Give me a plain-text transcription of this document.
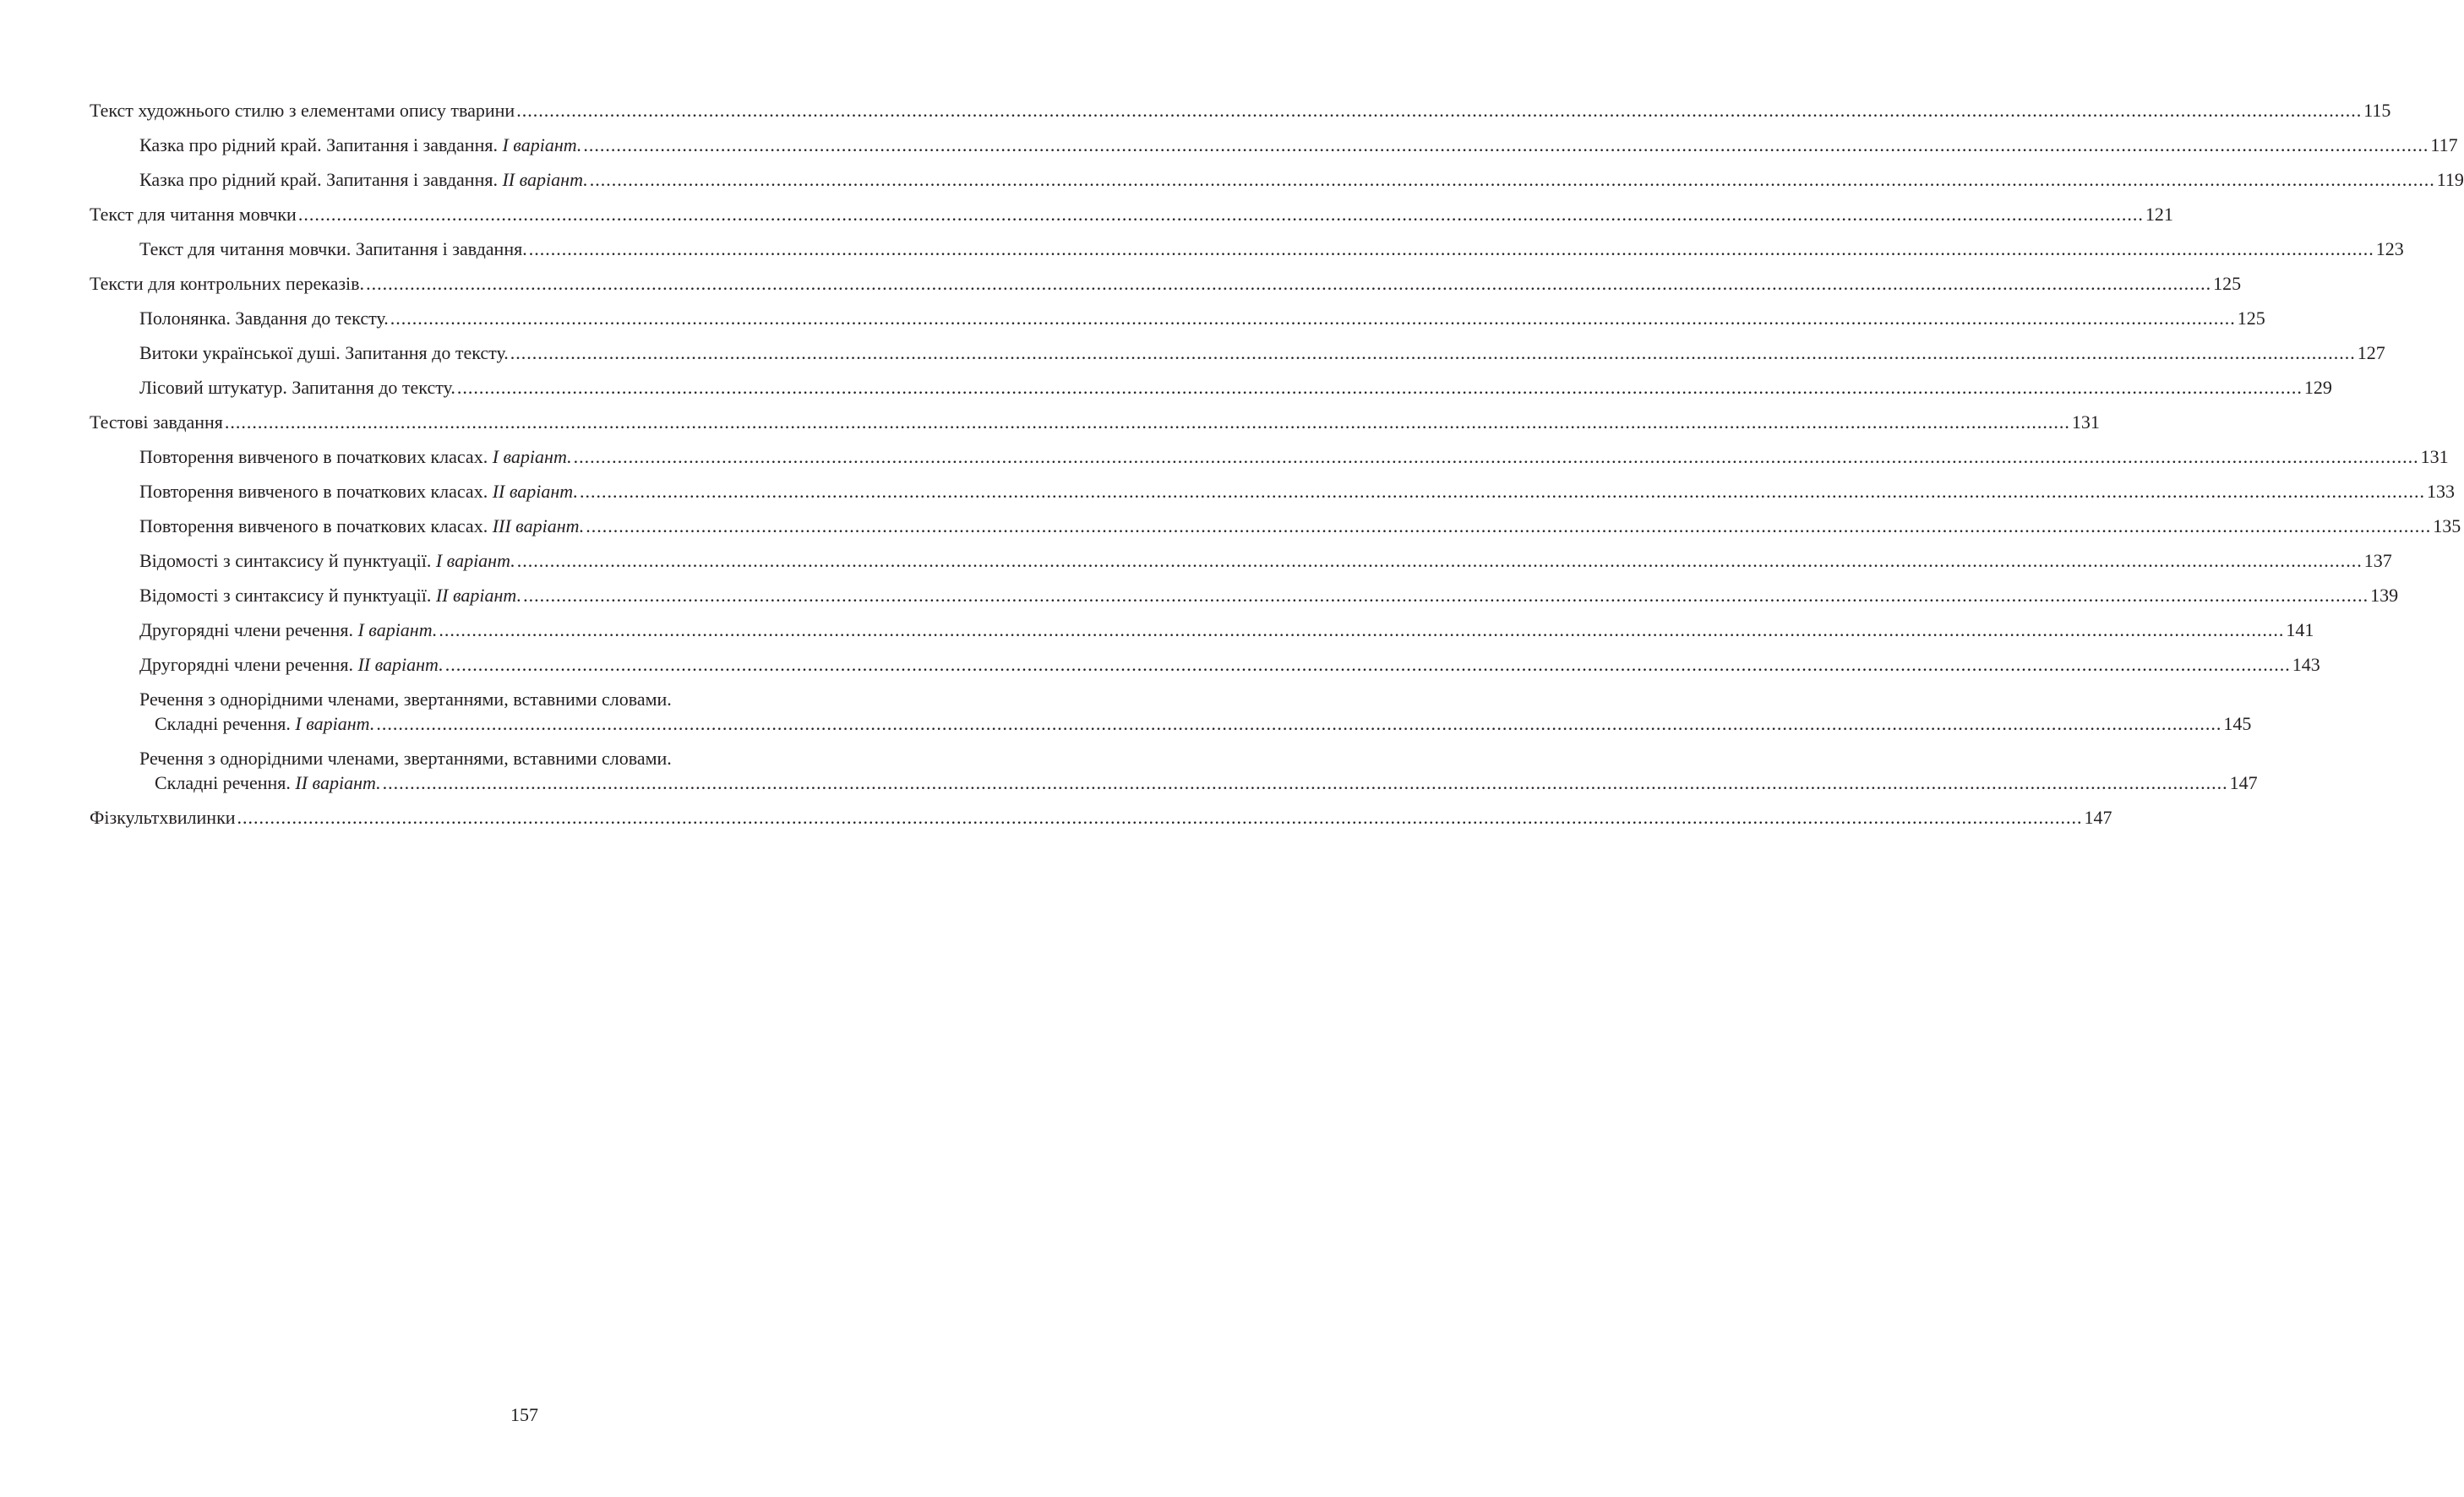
Текст художнього стилю з елементами опису тварини .....	115
Казка про рідний край. Запитання і завдання. I варіант. .....	117
Казка про рідний край. Запитання і завдання. II варіант. .....	119
Текст для читання мовчки .....	121
Текст для читання мовчки. Запитання і завдання. .....	123
Тексти для контрольних переказів. .....	125
Полонянка. Завдання до тексту. .....	125
Витоки української душі. Запитання до тексту. .....	127
Лісовий штукатур. Запитання до тексту. .....	129
Тестові завдання .....	131
Повторення вивченого в початкових класах. I варіант. .....	131
Повторення вивченого в початкових класах. II варіант. .....	133
Повторення вивченого в початкових класах. III варіант. .....	135
Відомості з синтаксису й пунктуації. I варіант. .....	137
Відомості з синтаксису й пунктуації. II варіант. .....	139
Другорядні члени речення. I варіант. .....	141
Другорядні члени речення. II варіант. .....	143
Речення з однорідними членами, звертаннями, вставними словами.
Складні речення. I варіант. .....	145
Речення з однорідними членами, звертаннями, вставними словами.
Складні речення. II варіант. .....	147
Фізкультхвилинки .....	147
157
